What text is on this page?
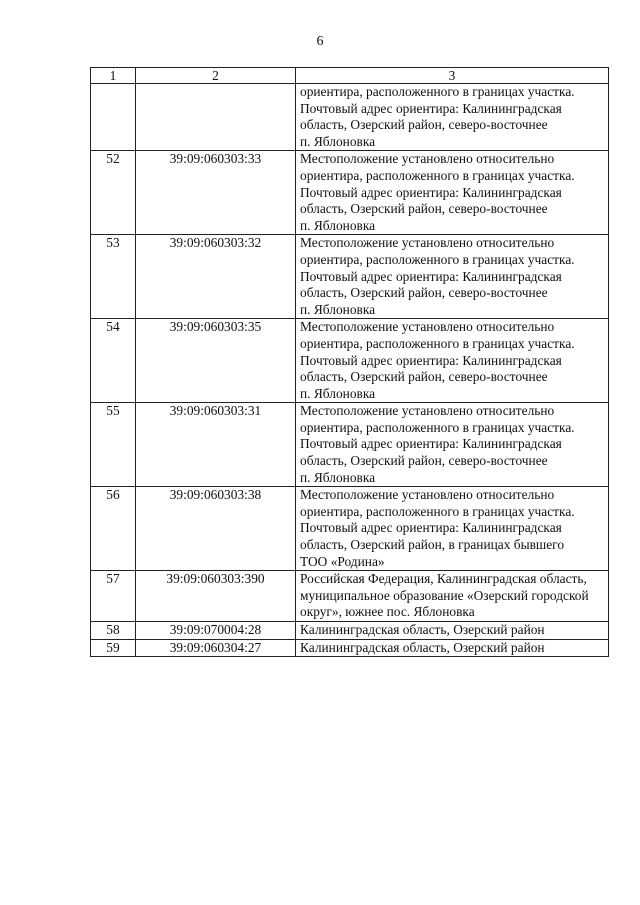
6
1	2	3
		ориентира, расположенного в границах участка.
Почтовый адрес ориентира: Калининградская
область, Озерский район, северо-восточнее
п. Яблоновка
52	39:09:060303:33	Местоположение установлено относительно
ориентира, расположенного в границах участка.
Почтовый адрес ориентира: Калининградская
область, Озерский район, северо-восточнее
п. Яблоновка
53	39:09:060303:32	Местоположение установлено относительно
ориентира, расположенного в границах участка.
Почтовый адрес ориентира: Калининградская
область, Озерский район, северо-восточнее
п. Яблоновка
54	39:09:060303:35	Местоположение установлено относительно
ориентира, расположенного в границах участка.
Почтовый адрес ориентира: Калининградская
область, Озерский район, северо-восточнее
п. Яблоновка
55	39:09:060303:31	Местоположение установлено относительно
ориентира, расположенного в границах участка.
Почтовый адрес ориентира: Калининградская
область, Озерский район, северо-восточнее
п. Яблоновка
56	39:09:060303:38	Местоположение установлено относительно
ориентира, расположенного в границах участка.
Почтовый адрес ориентира: Калининградская
область, Озерский район, в границах бывшего
ТОО «Родина»
57	39:09:060303:390	Российская Федерация, Калининградская область,
муниципальное образование «Озерский городской
округ», южнее пос. Яблоновка
58	39:09:070004:28	Калининградская область, Озерский район
59	39:09:060304:27	Калининградская область, Озерский район
